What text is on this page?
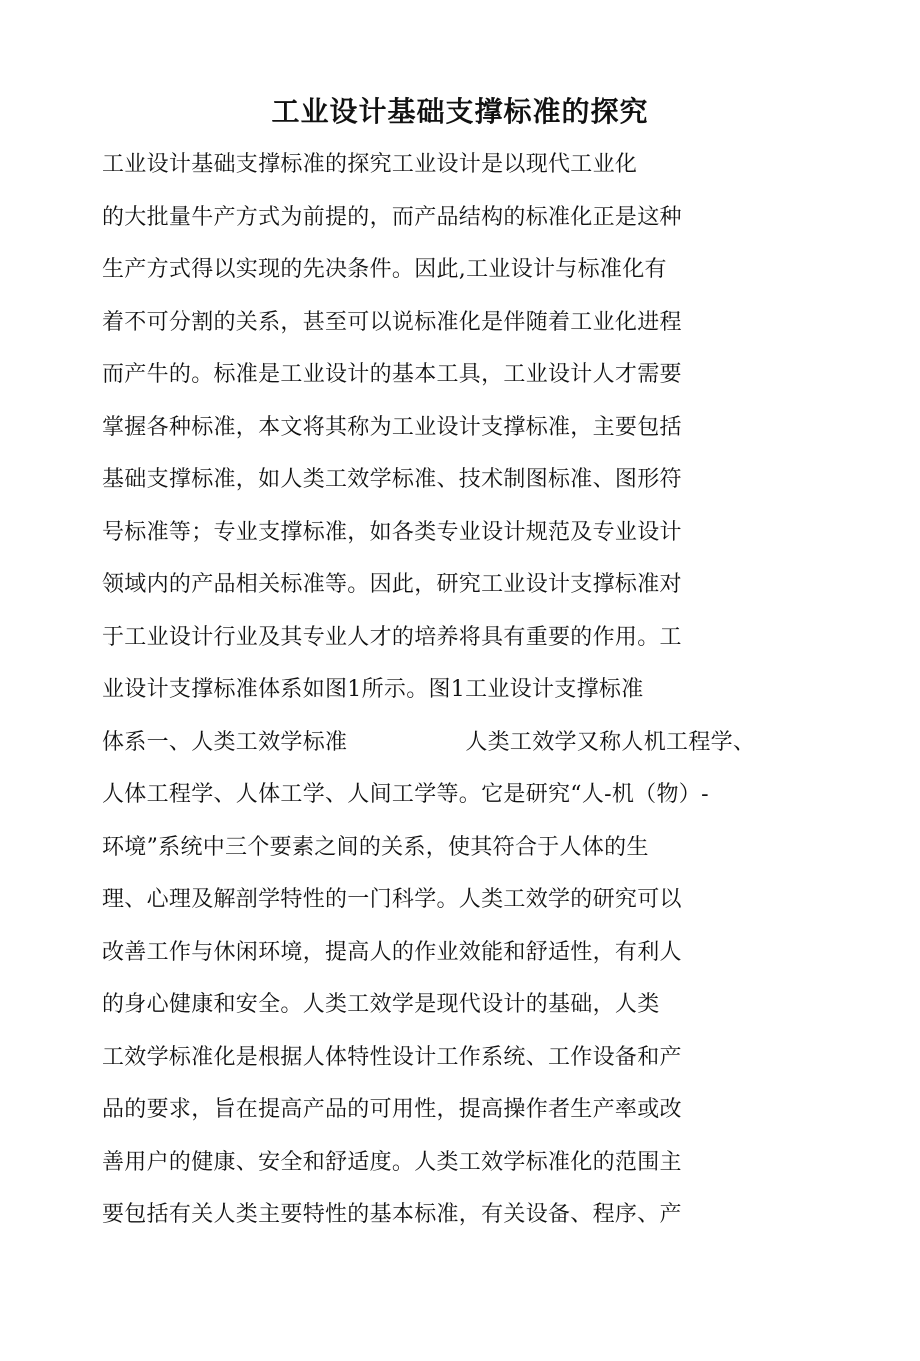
工业设计基础支撑标准的探究
工业设计基础支撑标准的探究工业设计是以现代工业化
的大批量牛产方式为前提的，而产品结构的标准化正是这种
生产方式得以实现的先决条件。因此,工业设计与标准化有
着不可分割的关系，甚至可以说标准化是伴随着工业化进程
而产牛的。标准是工业设计的基本工具，工业设计人才需要
掌握各种标准，本文将其称为工业设计支撑标准，主要包括
基础支撑标准，如人类工效学标准、技术制图标准、图形符
号标准等；专业支撑标准，如各类专业设计规范及专业设计
领域内的产品相关标准等。因此，研究工业设计支撑标准对
于工业设计行业及其专业人才的培养将具有重要的作用。工
业设计支撑标准体系如图1所示。图1工业设计支撑标准
体系一、人类工效学标准	人类工效学又称人机工程学、
人体工程学、人体工学、人间工学等。它是研究“人-机（物）-
环境”系统中三个要素之间的关系，使其符合于人体的生
理、心理及解剖学特性的一门科学。人类工效学的研究可以
改善工作与休闲环境，提高人的作业效能和舒适性，有利人
的身心健康和安全。人类工效学是现代设计的基础，人类
工效学标准化是根据人体特性设计工作系统、工作设备和产
品的要求，旨在提高产品的可用性，提高操作者生产率或改
善用户的健康、安全和舒适度。人类工效学标准化的范围主
要包括有关人类主要特性的基本标准，有关设备、程序、产
